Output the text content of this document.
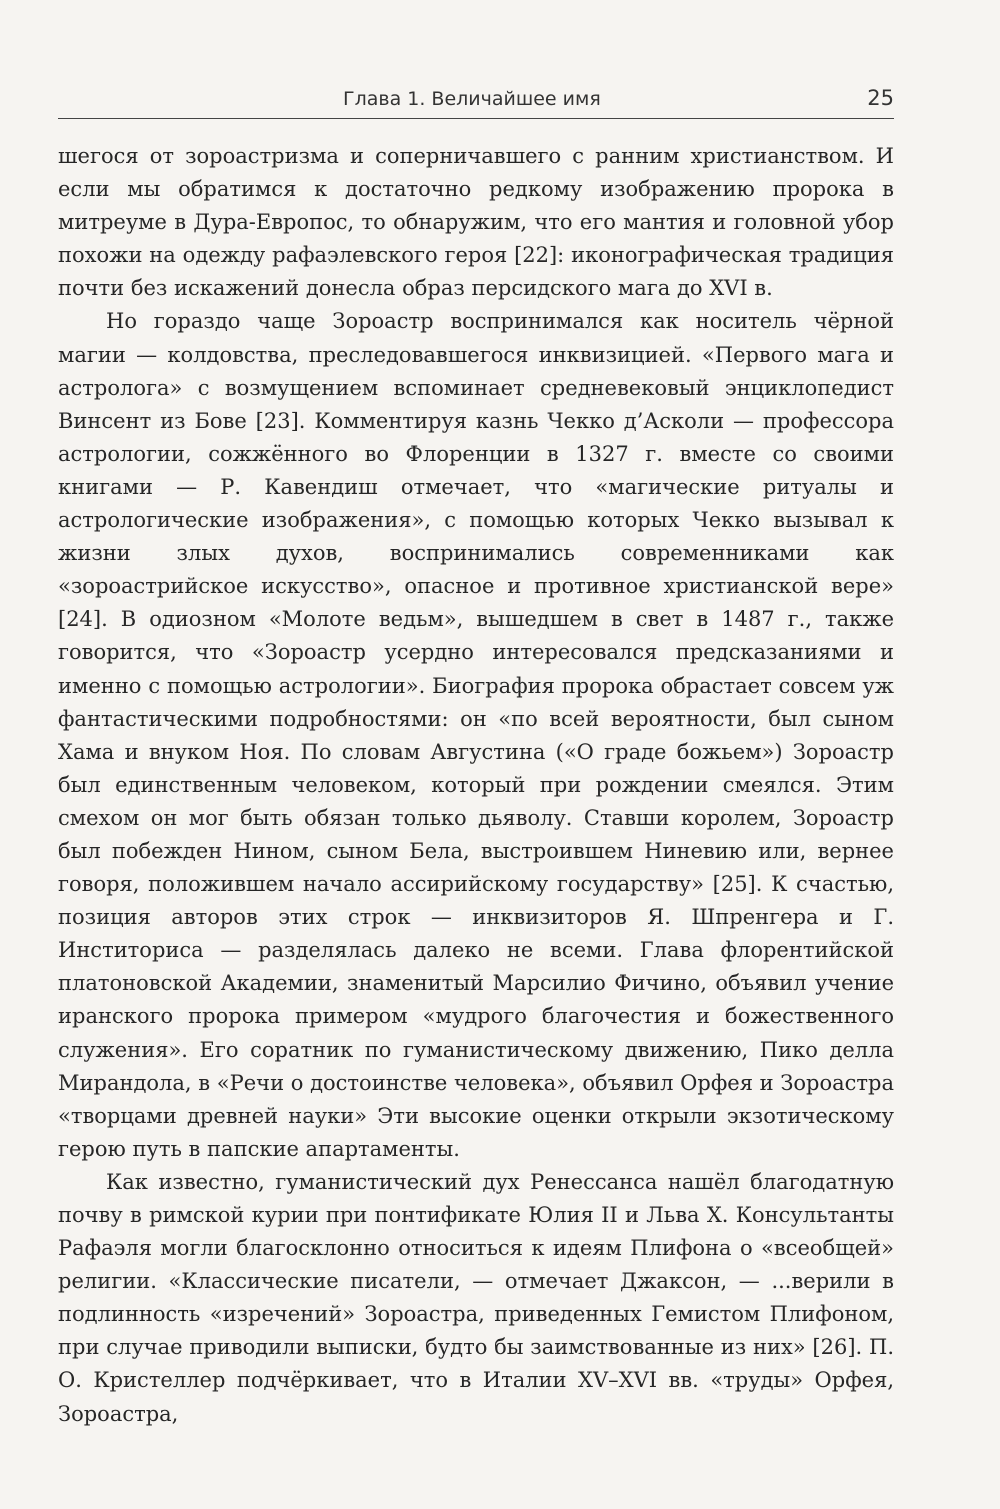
Глава 1. Величайшее имя	25

шегося от зороастризма и соперничавшего с ранним христианством. И если мы обратимся к достаточно редкому изображению пророка в митреуме в Дура-Европос, то обнаружим, что его мантия и головной убор похожи на одежду рафаэлевского героя [22]: иконографическая традиция почти без искажений донесла образ персидского мага до XVI в.

Но гораздо чаще Зороастр воспринимался как носитель чёрной магии — колдовства, преследовавшегося инквизицией. «Первого мага и астролога» с возмущением вспоминает средневековый энциклопедист Винсент из Бове [23]. Комментируя казнь Чекко д’Асколи — профессора астрологии, сожжённого во Флоренции в 1327 г. вместе со своими книгами — Р. Кавендиш отмечает, что «магические ритуалы и астрологические изображения», с помощью которых Чекко вызывал к жизни злых духов, воспринимались современниками как «зороастрийское искусство», опасное и противное христианской вере» [24]. В одиозном «Молоте ведьм», вышедшем в свет в 1487 г., также говорится, что «Зороастр усердно интересовался предсказаниями и именно с помощью астрологии». Биография пророка обрастает совсем уж фантастическими подробностями: он «по всей вероятности, был сыном Хама и внуком Ноя. По словам Августина («О граде божьем») Зороастр был единственным человеком, который при рождении смеялся. Этим смехом он мог быть обязан только дьяволу. Ставши королем, Зороастр был побежден Нином, сыном Бела, выстроившем Ниневию или, вернее говоря, положившем начало ассирийскому государству» [25]. К счастью, позиция авторов этих строк — инквизиторов Я. Шпренгера и Г. Инститориса — разделялась далеко не всеми. Глава флорентийской платоновской Академии, знаменитый Марсилио Фичино, объявил учение иранского пророка примером «мудрого благочестия и божественного служения». Его соратник по гуманистическому движению, Пико делла Мирандола, в «Речи о достоинстве человека», объявил Орфея и Зороастра «творцами древней науки» Эти высокие оценки открыли экзотическому герою путь в папские апартаменты.

Как известно, гуманистический дух Ренессанса нашёл благодатную почву в римской курии при понтификате Юлия II и Льва X. Консультанты Рафаэля могли благосклонно относиться к идеям Плифона о «всеобщей» религии. «Классические писатели, — отмечает Джаксон, — ...верили в подлинность «изречений» Зороастра, приведенных Гемистом Плифоном, при случае приводили выписки, будто бы заимствованные из них» [26]. П. О. Кристеллер подчёркивает, что в Италии XV–XVI вв. «труды» Орфея, Зороастра,
